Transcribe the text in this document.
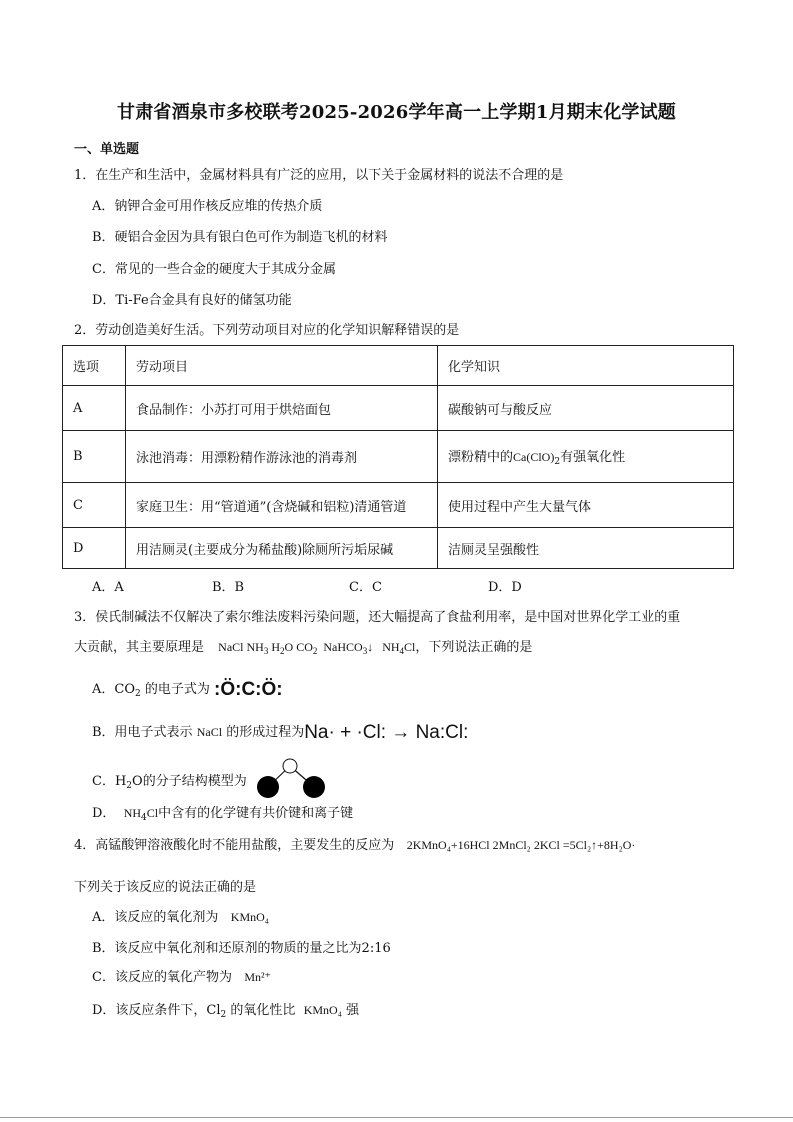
甘肃省酒泉市多校联考2025-2026学年高一上学期1月期末化学试题
一、单选题
1．在生产和生活中，金属材料具有广泛的应用，以下关于金属材料的说法不合理的是
A．钠钾合金可用作核反应堆的传热介质
B．硬铝合金因为具有银白色可作为制造飞机的材料
C．常见的一些合金的硬度大于其成分金属
D．Ti-Fe合金具有良好的储氢功能
2．劳动创造美好生活。下列劳动项目对应的化学知识解释错误的是
选项	劳动项目	化学知识
A	食品制作：小苏打可用于烘焙面包	碳酸钠可与酸反应
B	泳池消毒：用漂粉精作游泳池的消毒剂	漂粉精中的$Ca(ClO)_2$有强氧化性
C	家庭卫生：用“管道通”(含烧碱和铝粒)清通管道	使用过程中产生大量气体
D	用洁厕灵(主要成分为稀盐酸)除厕所污垢尿碱	洁厕灵呈强酸性
A．A	B．B	C．C	D．D
3．侯氏制碱法不仅解决了索尔维法废料污染问题，还大幅提高了食盐利用率，是中国对世界化学工业的重
大贡献，其主要原理是 NaCl $NH_3$ $H_2O$ $CO_2$ NaHCO$_3$↓ $NH_4Cl$，下列说法正确的是
A．$CO_2$ 的电子式为 :Ö:C:Ö:
B．用电子式表示 NaCl 的形成过程为Na· + ·Cl: → Na:Cl:
C．$H_2O$的分子结构模型为
D． $NH_4Cl$中含有的化学键有共价键和离子键
4．高锰酸钾溶液酸化时不能用盐酸，主要发生的反应为 2KMnO₄+16HCl 2MnCl₂ 2KCl =5Cl₂↑+8H₂O·
下列关于该反应的说法正确的是
A．该反应的氧化剂为 KMnO₄
B．该反应中氧化剂和还原剂的物质的量之比为2:16
C．该反应的氧化产物为 Mn²⁺
D．该反应条件下，$Cl_2$ 的氧化性比 KMnO₄ 强
